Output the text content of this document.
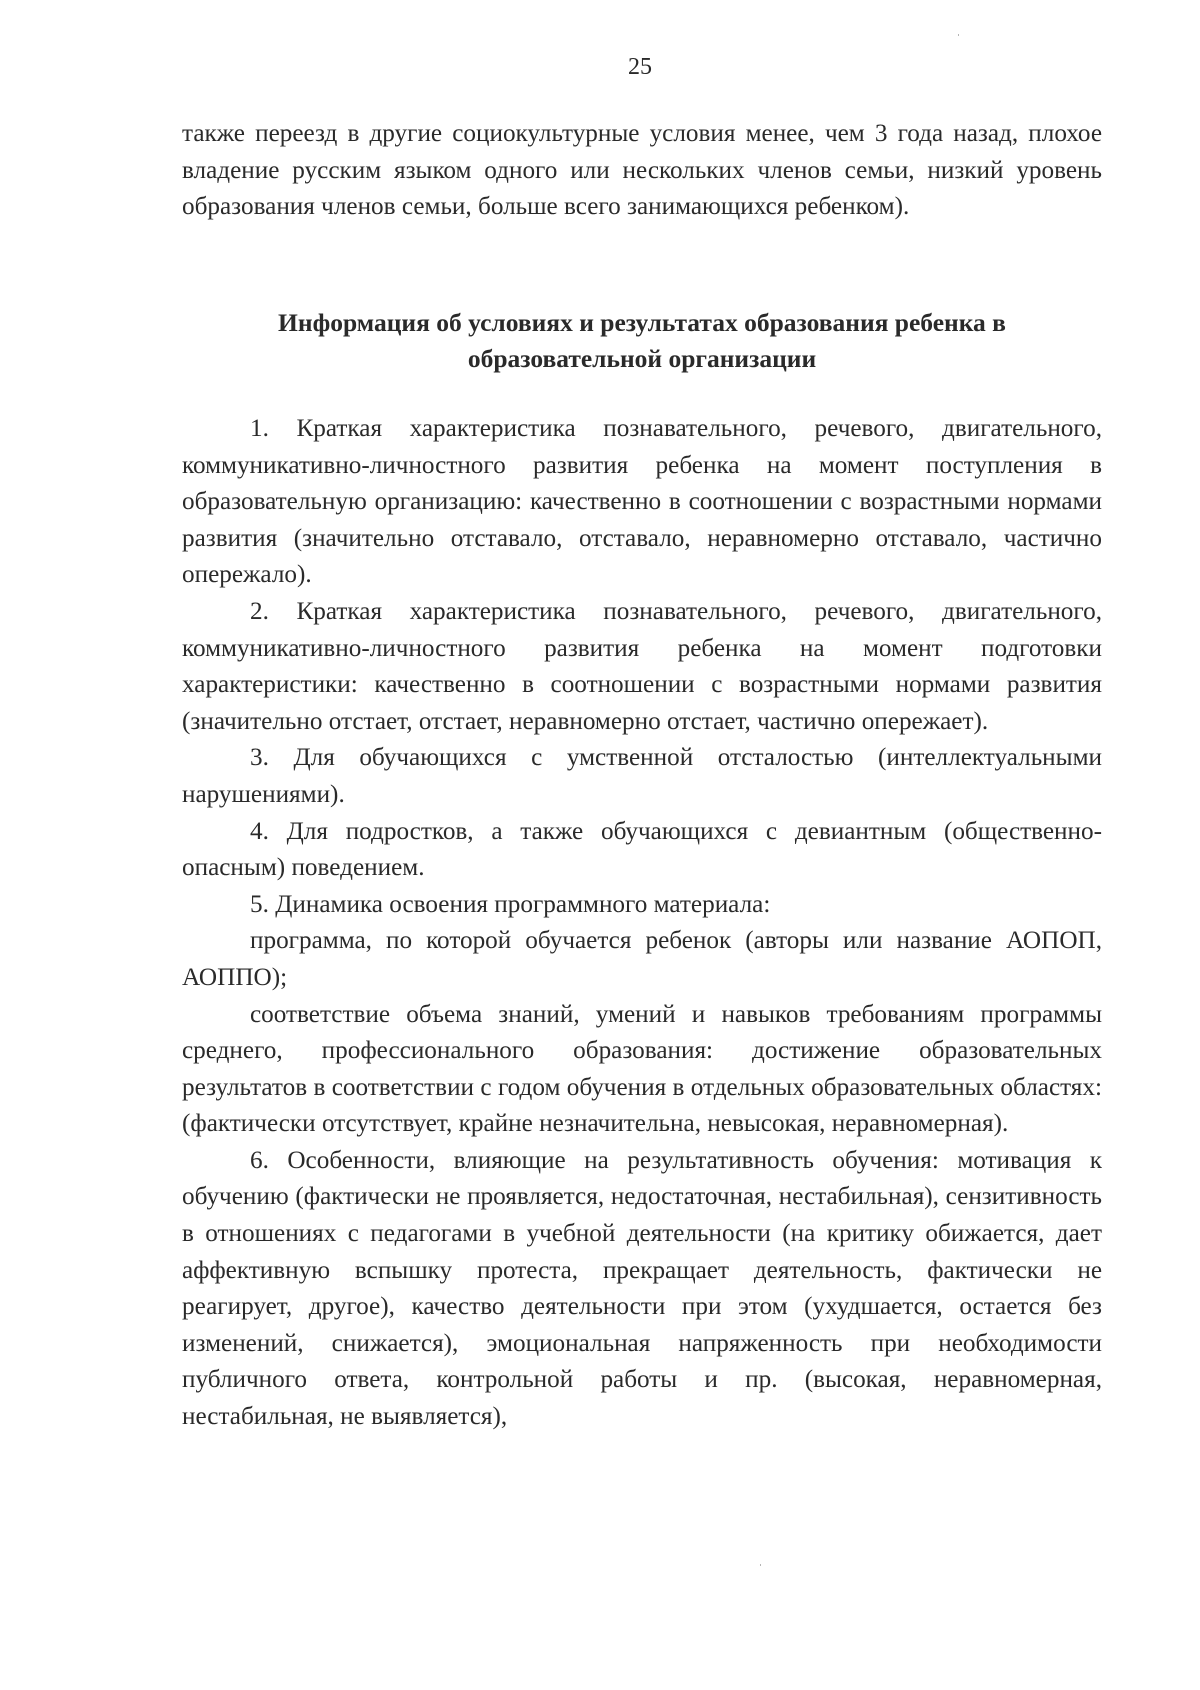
25

также переезд в другие социокультурные условия менее, чем 3 года назад, плохое владение русским языком одного или нескольких членов семьи, низкий уровень образования членов семьи, больше всего занимающихся ребенком).

Информация об условиях и результатах образования ребенка в
образовательной организации

1. Краткая характеристика познавательного, речевого, двигательного, коммуникативно-личностного развития ребенка на момент поступления в образовательную организацию: качественно в соотношении с возрастными нормами развития (значительно отставало, отставало, неравномерно отставало, частично опережало).

2. Краткая характеристика познавательного, речевого, двигательного, коммуникативно-личностного развития ребенка на момент подготовки характеристики: качественно в соотношении с возрастными нормами развития (значительно отстает, отстает, неравномерно отстает, частично опережает).

3. Для обучающихся с умственной отсталостью (интеллектуальными нарушениями).

4. Для подростков, а также обучающихся с девиантным (общественно-опасным) поведением.

5. Динамика освоения программного материала:

программа, по которой обучается ребенок (авторы или название АОПОП, АОППО);

соответствие объема знаний, умений и навыков требованиям программы среднего, профессионального образования: достижение образовательных результатов в соответствии с годом обучения в отдельных образовательных областях: (фактически отсутствует, крайне незначительна, невысокая, неравномерная).

6. Особенности, влияющие на результативность обучения: мотивация к обучению (фактически не проявляется, недостаточная, нестабильная), сензитивность в отношениях с педагогами в учебной деятельности (на критику обижается, дает аффективную вспышку протеста, прекращает деятельность, фактически не реагирует, другое), качество деятельности при этом (ухудшается, остается без изменений, снижается), эмоциональная напряженность при необходимости публичного ответа, контрольной работы и пр. (высокая, неравномерная, нестабильная, не выявляется),
